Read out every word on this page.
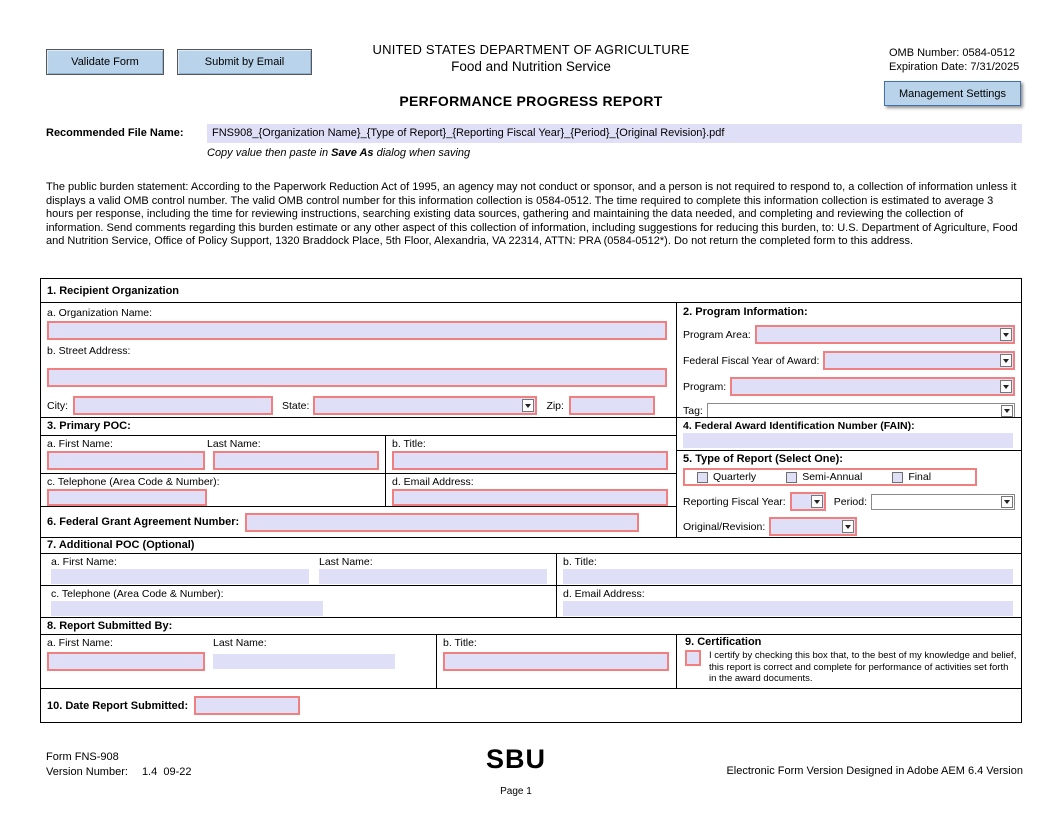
Validate Form	Submit by Email
UNITED STATES DEPARTMENT OF AGRICULTURE
Food and Nutrition Service
OMB Number: 0584-0512
Expiration Date: 7/31/2025
PERFORMANCE PROGRESS REPORT	Management Settings
Recommended File Name:	FNS908_{Organization Name}_{Type of Report}_{Reporting Fiscal Year}_{Period}_{Original Revision}.pdf
Copy value then paste in Save As dialog when saving
The public burden statement: According to the Paperwork Reduction Act of 1995, an agency may not conduct or sponsor, and a person is not required to respond to, a collection of information unless it displays a valid OMB control number. The valid OMB control number for this information collection is 0584-0512. The time required to complete this information collection is estimated to average 3 hours per response, including the time for reviewing instructions, searching existing data sources, gathering and maintaining the data needed, and completing and reviewing the collection of information. Send comments regarding this burden estimate or any other aspect of this collection of information, including suggestions for reducing this burden, to: U.S. Department of Agriculture, Food and Nutrition Service, Office of Policy Support, 1320 Braddock Place, 5th Floor, Alexandria, VA 22314, ATTN: PRA (0584-0512*). Do not return the completed form to this address.
1. Recipient Organization
a. Organization Name:
b. Street Address:
City:	State:	Zip:
2. Program Information:
Program Area:
Federal Fiscal Year of Award:
Program:
Tag:
3. Primary POC:
a. First Name:	Last Name:	b. Title:
c. Telephone (Area Code & Number):	d. Email Address:
6. Federal Grant Agreement Number:
4. Federal Award Identification Number (FAIN):
5. Type of Report (Select One):
Quarterly	Semi-Annual	Final
Reporting Fiscal Year:	Period:
Original/Revision:
7. Additional POC (Optional)
a. First Name:	Last Name:	b. Title:
c. Telephone (Area Code & Number):	d. Email Address:
8. Report Submitted By:
a. First Name:	Last Name:	b. Title:	9. Certification
I certify by checking this box that, to the best of my knowledge and belief, this report is correct and complete for performance of activities set forth in the award documents.
10. Date Report Submitted:
Form FNS-908
Version Number: 1.4  09-22	SBU	Electronic Form Version Designed in Adobe AEM 6.4 Version
Page 1
